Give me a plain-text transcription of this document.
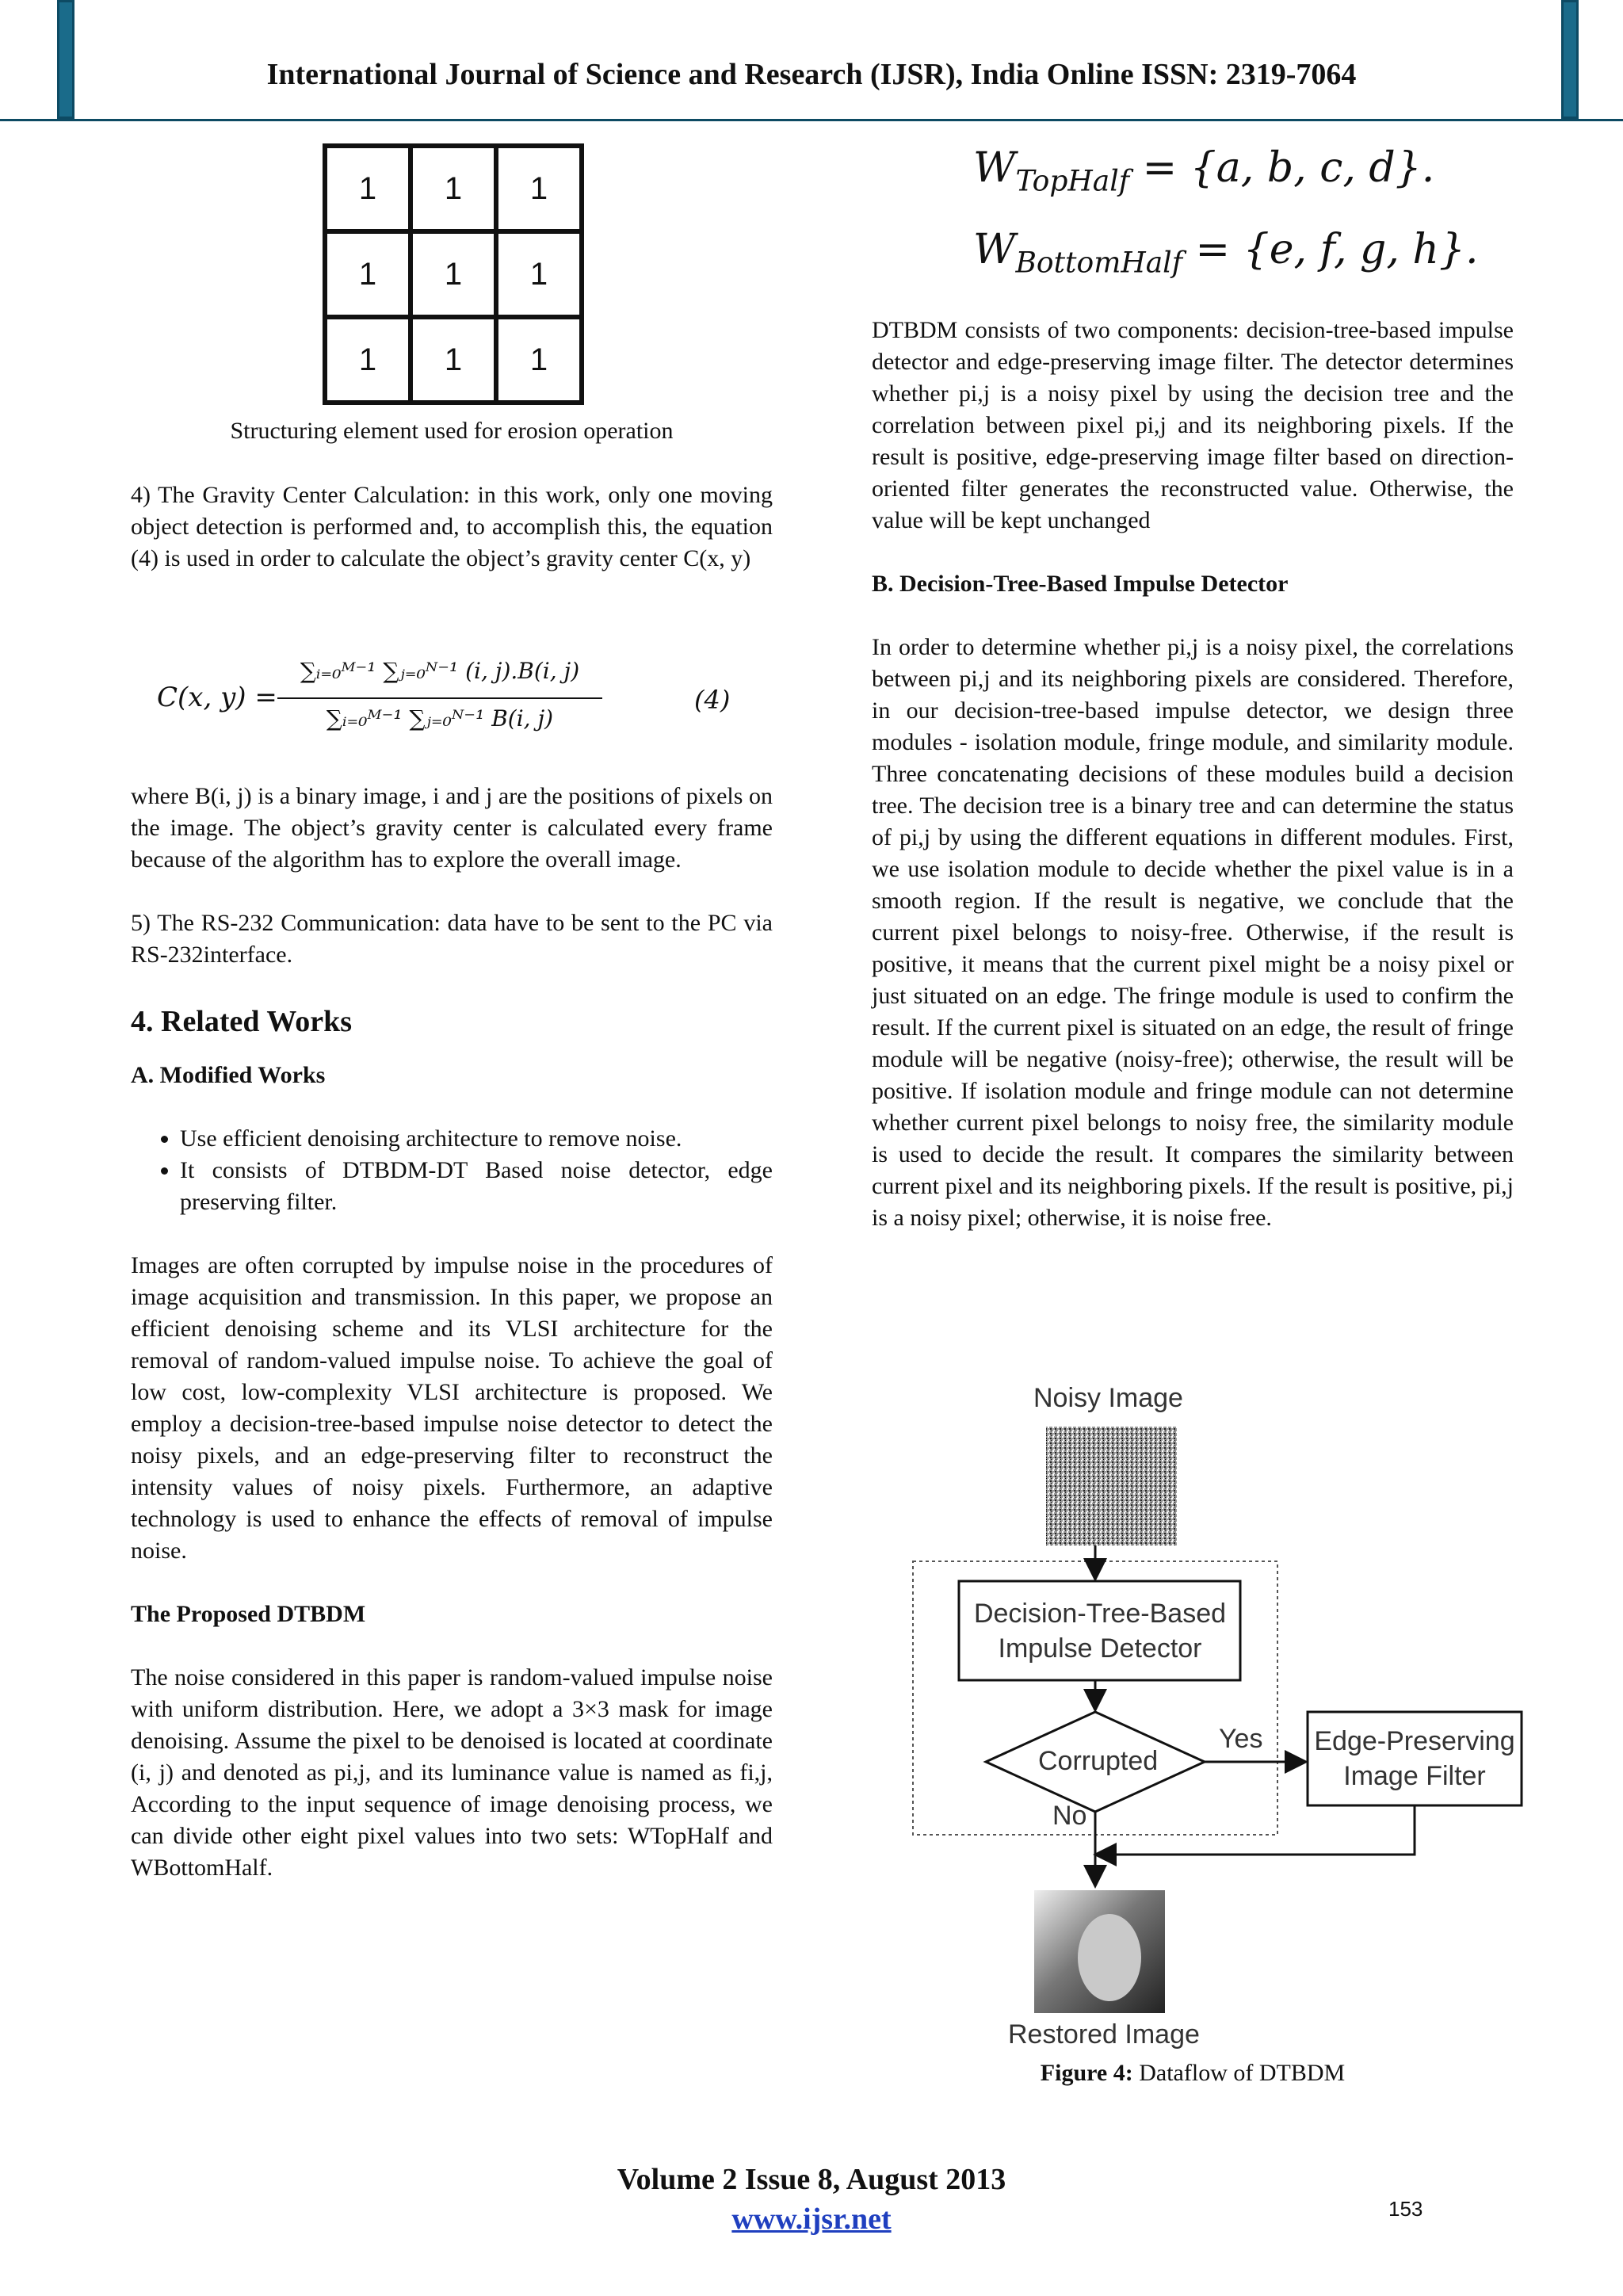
International Journal of Science and Research (IJSR), India Online ISSN: 2319-7064
1	1	1
1	1	1
1	1	1
Structuring element used for erosion operation

4) The Gravity Center Calculation: in this work, only one moving object detection is performed and, to accomplish this, the equation (4) is used in order to calculate the object’s gravity center C(x, y)

C(x, y) =
∑ᵢ₌₀ᴹ⁻¹ ∑ⱼ₌₀ᴺ⁻¹ (i, j).B(i, j)
∑ᵢ₌₀ᴹ⁻¹ ∑ⱼ₌₀ᴺ⁻¹ B(i, j)
(4)

where B(i, j) is a binary image, i and j are the positions of pixels on the image. The object’s gravity center is calculated every frame because of the algorithm has to explore the overall image.

5) The RS-232 Communication: data have to be sent to the PC via RS-232interface.

4. Related Works

A. Modified Works

• Use efficient denoising architecture to remove noise.
• It consists of DTBDM-DT Based noise detector, edge preserving filter.

Images are often corrupted by impulse noise in the procedures of image acquisition and transmission. In this paper, we propose an efficient denoising scheme and its VLSI architecture for the removal of random-valued impulse noise. To achieve the goal of low cost, low-complexity VLSI architecture is proposed. We employ a decision-tree-based impulse noise detector to detect the noisy pixels, and an edge-preserving filter to reconstruct the intensity values of noisy pixels. Furthermore, an adaptive technology is used to enhance the effects of removal of impulse noise.

The Proposed DTBDM

The noise considered in this paper is random-valued impulse noise with uniform distribution. Here, we adopt a 3×3 mask for image denoising. Assume the pixel to be denoised is located at coordinate (i, j) and denoted as pi,j, and its luminance value is named as fi,j, According to the input sequence of image denoising process, we can divide other eight pixel values into two sets: WTopHalf and WBottomHalf.

$W_{TopHalf} = \{a$, b, c, d}.
$W_{BottomHalf} = \{e$, f, g, h}.

DTBDM consists of two components: decision-tree-based impulse detector and edge-preserving image filter. The detector determines whether pi,j is a noisy pixel by using the decision tree and the correlation between pixel pi,j and its neighboring pixels. If the result is positive, edge-preserving image filter based on direction-oriented filter generates the reconstructed value. Otherwise, the value will be kept unchanged

B. Decision-Tree-Based Impulse Detector

In order to determine whether pi,j is a noisy pixel, the correlations between pi,j and its neighboring pixels are considered. Therefore, in our decision-tree-based impulse detector, we design three modules - isolation module, fringe module, and similarity module. Three concatenating decisions of these modules build a decision tree. The decision tree is a binary tree and can determine the status of pi,j by using the different equations in different modules. First, we use isolation module to decide whether the pixel value is in a smooth region. If the result is negative, we conclude that the current pixel belongs to noisy-free. Otherwise, if the result is positive, it means that the current pixel might be a noisy pixel or just situated on an edge. The fringe module is used to confirm the result. If the current pixel is situated on an edge, the result of fringe module will be negative (noisy-free); otherwise, the result will be positive. If isolation module and fringe module can not determine whether current pixel belongs to noisy free, the similarity module is used to decide the result. It compares the similarity between current pixel and its neighboring pixels. If the result is positive, pi,j is a noisy pixel; otherwise, it is noise free.

Noisy Image
Decision-Tree-Based Impulse Detector
Corrupted
Yes
No
Edge-Preserving Image Filter
Restored Image
Figure 4: Dataflow of DTBDM
Volume 2 Issue 8, August 2013
www.ijsr.net	153
